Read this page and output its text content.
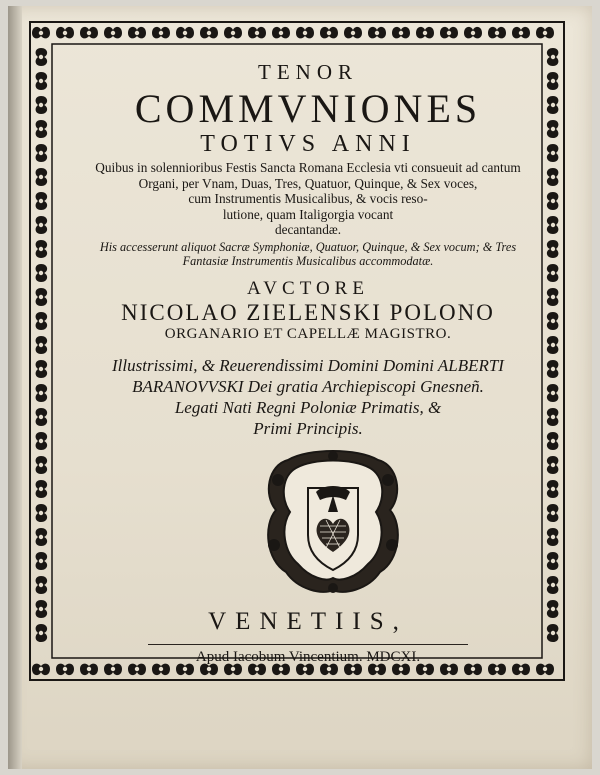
TENOR
COMMVNIONES
TOTIVS ANNI
Quibus in solennioribus Festis Sancta Romana Ecclesia vti consueuit ad cantum
Organi, per Vnam, Duas, Tres, Quatuor, Quinque, & Sex voces,
cum Instrumentis Musicalibus, & vocis reso-
lutione, quam Italigorgia vocant
decantandæ.
His accesserunt aliquot Sacræ Symphoniæ, Quatuor, Quinque, & Sex vocum; & Tres
Fantasiæ Instrumentis Musicalibus accommodatæ.
AVCTORE
NICOLAO ZIELENSKI POLONO
ORGANARIO ET CAPELLÆ MAGISTRO.
Illustrissimi, & Reuerendissimi Domini Domini ALBERTI
BARANOVVSKI Dei gratia Archiepiscopi Gnesneñ.
Legati Nati Regni Poloniæ Primatis, &
Primi Principis.
VENETIIS,
Apud Iacobum Vincentium. MDCXI.
